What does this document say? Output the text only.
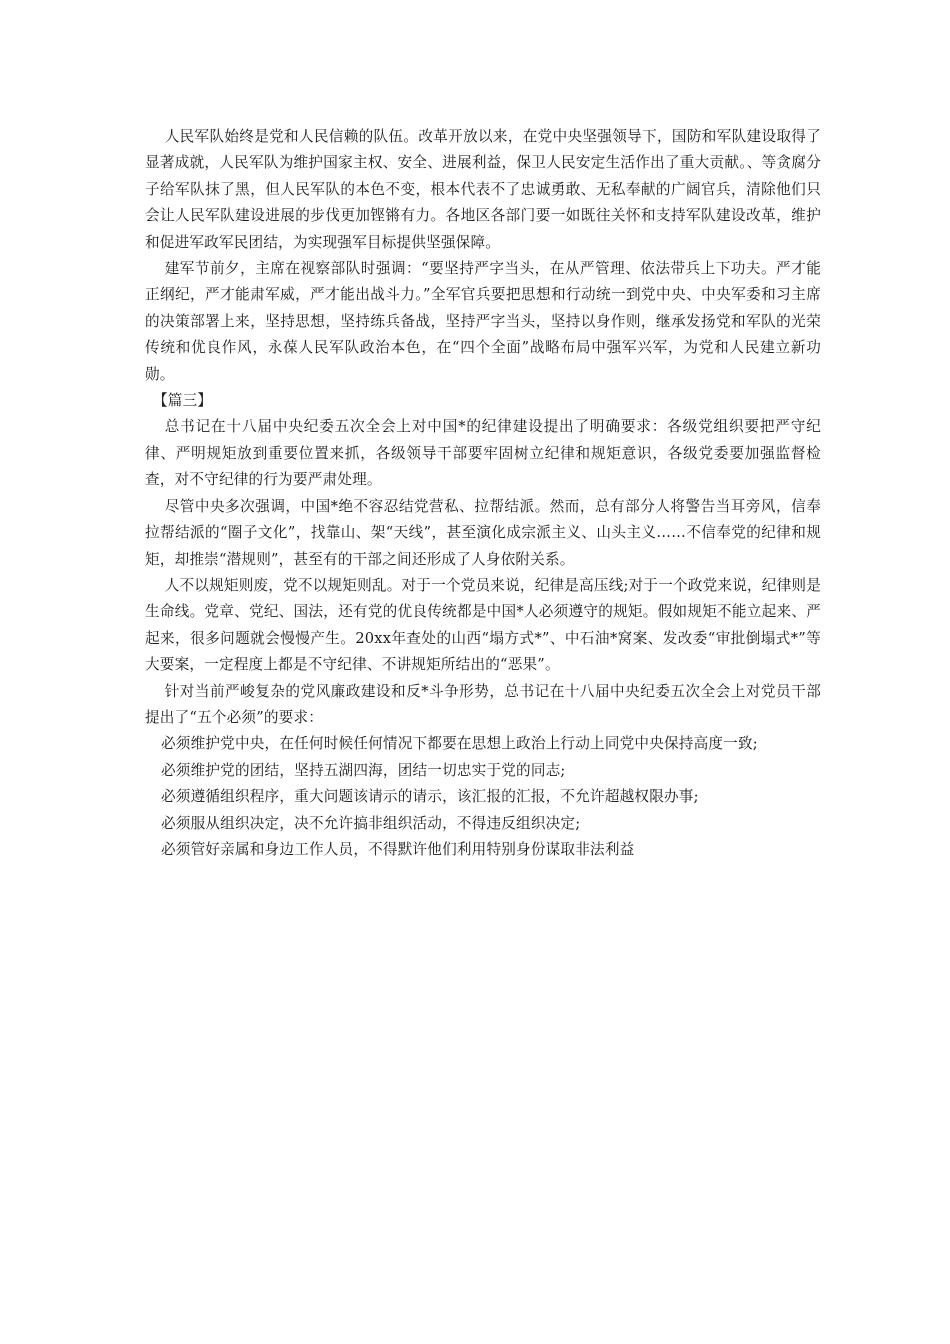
人民军队始终是党和人民信赖的队伍。改革开放以来，在党中央坚强领导下，国防和军队建设取得了显著成就，人民军队为维护国家主权、安全、进展利益，保卫人民安定生活作出了重大贡献。、等贪腐分子给军队抹了黑，但人民军队的本色不变，根本代表不了忠诚勇敢、无私奉献的广阔官兵，清除他们只会让人民军队建设进展的步伐更加铿锵有力。各地区各部门要一如既往关怀和支持军队建设改革，维护和促进军政军民团结，为实现强军目标提供坚强保障。

建军节前夕，主席在视察部队时强调：“要坚持严字当头，在从严管理、依法带兵上下功夫。严才能正纲纪，严才能肃军威，严才能出战斗力。”全军官兵要把思想和行动统一到党中央、中央军委和习主席的决策部署上来，坚持思想，坚持练兵备战，坚持严字当头，坚持以身作则，继承发扬党和军队的光荣传统和优良作风，永葆人民军队政治本色，在“四个全面”战略布局中强军兴军，为党和人民建立新功勋。

【篇三】

总书记在十八届中央纪委五次全会上对中国*的纪律建设提出了明确要求：各级党组织要把严守纪律、严明规矩放到重要位置来抓，各级领导干部要牢固树立纪律和规矩意识，各级党委要加强监督检查，对不守纪律的行为要严肃处理。

尽管中央多次强调，中国*绝不容忍结党营私、拉帮结派。然而，总有部分人将警告当耳旁风，信奉拉帮结派的“圈子文化”，找靠山、架“天线”，甚至演化成宗派主义、山头主义……不信奉党的纪律和规矩，却推崇“潜规则”，甚至有的干部之间还形成了人身依附关系。

人不以规矩则废，党不以规矩则乱。对于一个党员来说，纪律是高压线;对于一个政党来说，纪律则是生命线。党章、党纪、国法，还有党的优良传统都是中国*人必须遵守的规矩。假如规矩不能立起来、严起来，很多问题就会慢慢产生。20xx年查处的山西“塌方式*”、中石油*窝案、发改委“审批倒塌式*”等大要案，一定程度上都是不守纪律、不讲规矩所结出的“恶果”。

针对当前严峻复杂的党风廉政建设和反*斗争形势，总书记在十八届中央纪委五次全会上对党员干部提出了“五个必须”的要求：

必须维护党中央，在任何时候任何情况下都要在思想上政治上行动上同党中央保持高度一致;

必须维护党的团结，坚持五湖四海，团结一切忠实于党的同志;

必须遵循组织程序，重大问题该请示的请示，该汇报的汇报，不允许超越权限办事;

必须服从组织决定，决不允许搞非组织活动，不得违反组织决定;

必须管好亲属和身边工作人员，不得默许他们利用特别身份谋取非法利益
